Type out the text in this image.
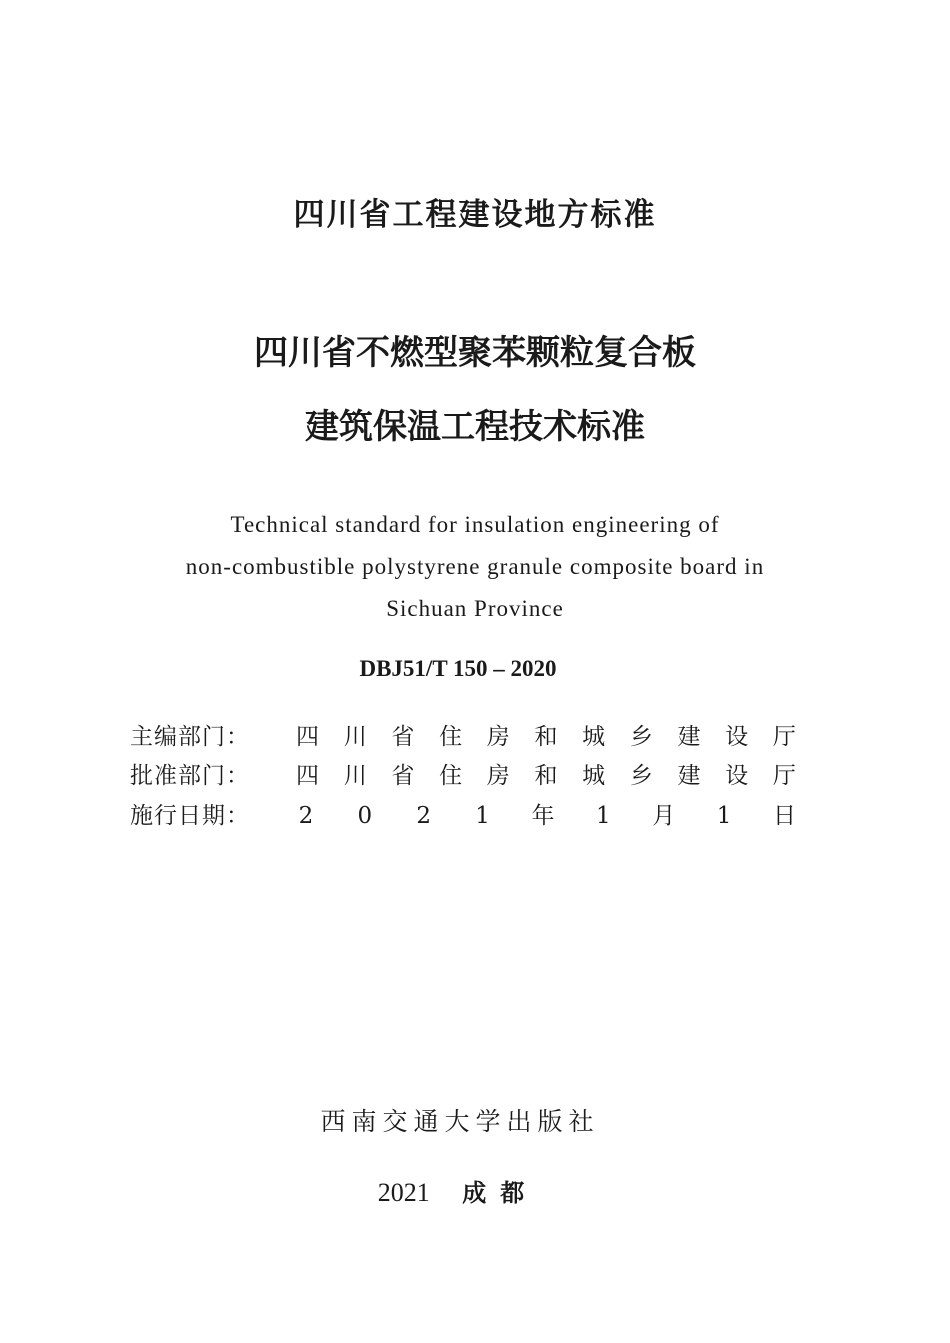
四川省工程建设地方标准
四川省不燃型聚苯颗粒复合板
建筑保温工程技术标准
Technical standard for insulation engineering of
non-combustible polystyrene granule composite board in
Sichuan Province
DBJ51/T 150 – 2020
主编部门：	四 川 省 住 房 和 城 乡 建 设 厅
批准部门：	四 川 省 住 房 和 城 乡 建 设 厅
施行日期：	2 0 2 1 年 1 月 1 日
西南交通大学出版社
2021 成都
